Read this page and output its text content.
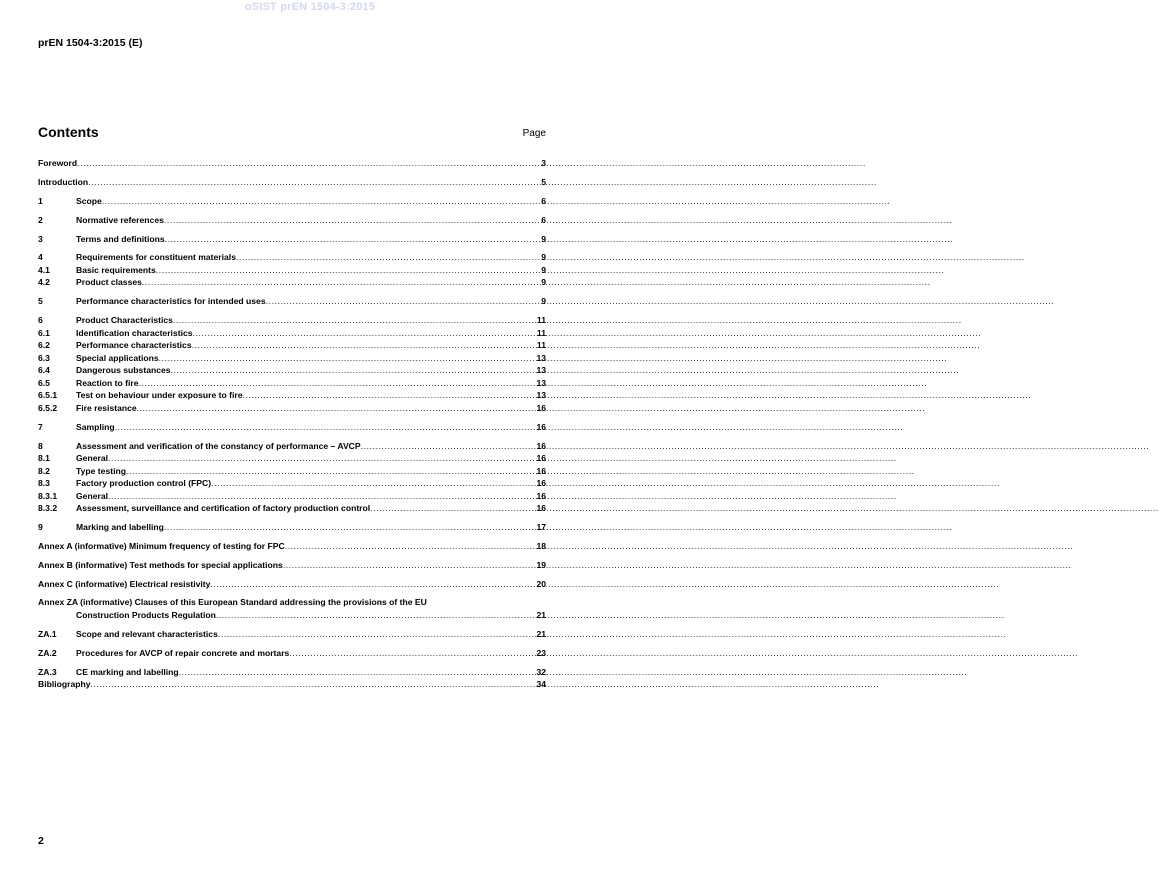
oSIST prEN 1504-3:2015
prEN 1504-3:2015 (E)
Contents	Page
Foreword .....	3
Introduction .....	5
1	Scope .....	6
2	Normative references .....	6
3	Terms and definitions .....	9
4	Requirements for constituent materials .....	9
4.1	Basic requirements .....	9
4.2	Product classes .....	9
5	Performance characteristics for intended uses .....	9
6	Product Characteristics .....	11
6.1	Identification characteristics .....	11
6.2	Performance characteristics .....	11
6.3	Special applications .....	13
6.4	Dangerous substances .....	13
6.5	Reaction to fire .....	13
6.5.1	Test on behaviour under exposure to fire .....	13
6.5.2	Fire resistance .....	16
7	Sampling .....	16
8	Assessment and verification of the constancy of performance – AVCP .....	16
8.1	General .....	16
8.2	Type testing .....	16
8.3	Factory production control (FPC) .....	16
8.3.1	General .....	16
8.3.2	Assessment, surveillance and certification of factory production control .....	16
9	Marking and labelling .....	17
Annex A (informative) Minimum frequency of testing for FPC .....	18
Annex B (informative) Test methods for special applications .....	19
Annex C (informative) Electrical resistivity .....	20
Annex ZA (informative) Clauses of this European Standard addressing the provisions of the EU
Construction Products Regulation .....	21
ZA.1	Scope and relevant characteristics .....	21
ZA.2	Procedures for AVCP of repair concrete and mortars .....	23
ZA.3	CE marking and labelling .....	32
Bibliography .....	34
2
